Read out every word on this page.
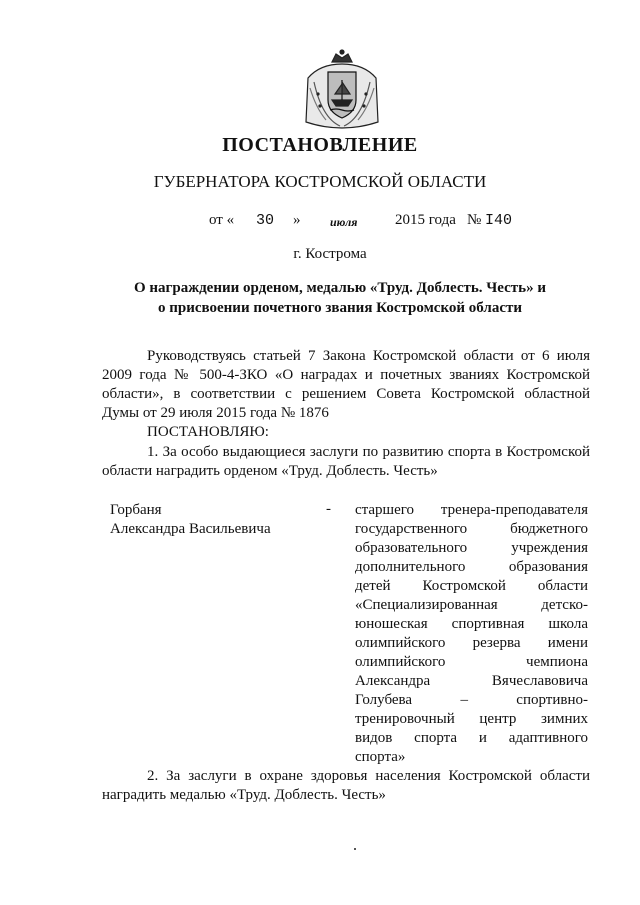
ПОСТАНОВЛЕНИЕ
ГУБЕРНАТОРА КОСТРОМСКОЙ ОБЛАСТИ
от « 30 » июля	2015 года № I40
г. Кострома
О награждении орденом, медалью «Труд. Доблесть. Честь» и
о присвоении почетного звания Костромской области
Руководствуясь статьей 7 Закона Костромской области от 6 июля
2009 года № 500-4-ЗКО «О наградах и почетных званиях Костромской
области», в соответствии с решением Совета Костромской областной
Думы от 29 июля 2015 года № 1876
ПОСТАНОВЛЯЮ:
1. За особо выдающиеся заслуги по развитию спорта в Костромской
области наградить орденом «Труд. Доблесть. Честь»
Горбаня
Александра Васильевича
- старшего тренера-преподавателя
государственного бюджетного
образовательного учреждения
дополнительного образования
детей Костромской области
«Специализированная детско-
юношеская спортивная школа
олимпийского резерва имени
олимпийского чемпиона
Александра Вячеславовича
Голубева – спортивно-
тренировочный центр зимних
видов спорта и адаптивного
спорта»
2. За заслуги в охране здоровья населения Костромской области
наградить медалью «Труд. Доблесть. Честь»
